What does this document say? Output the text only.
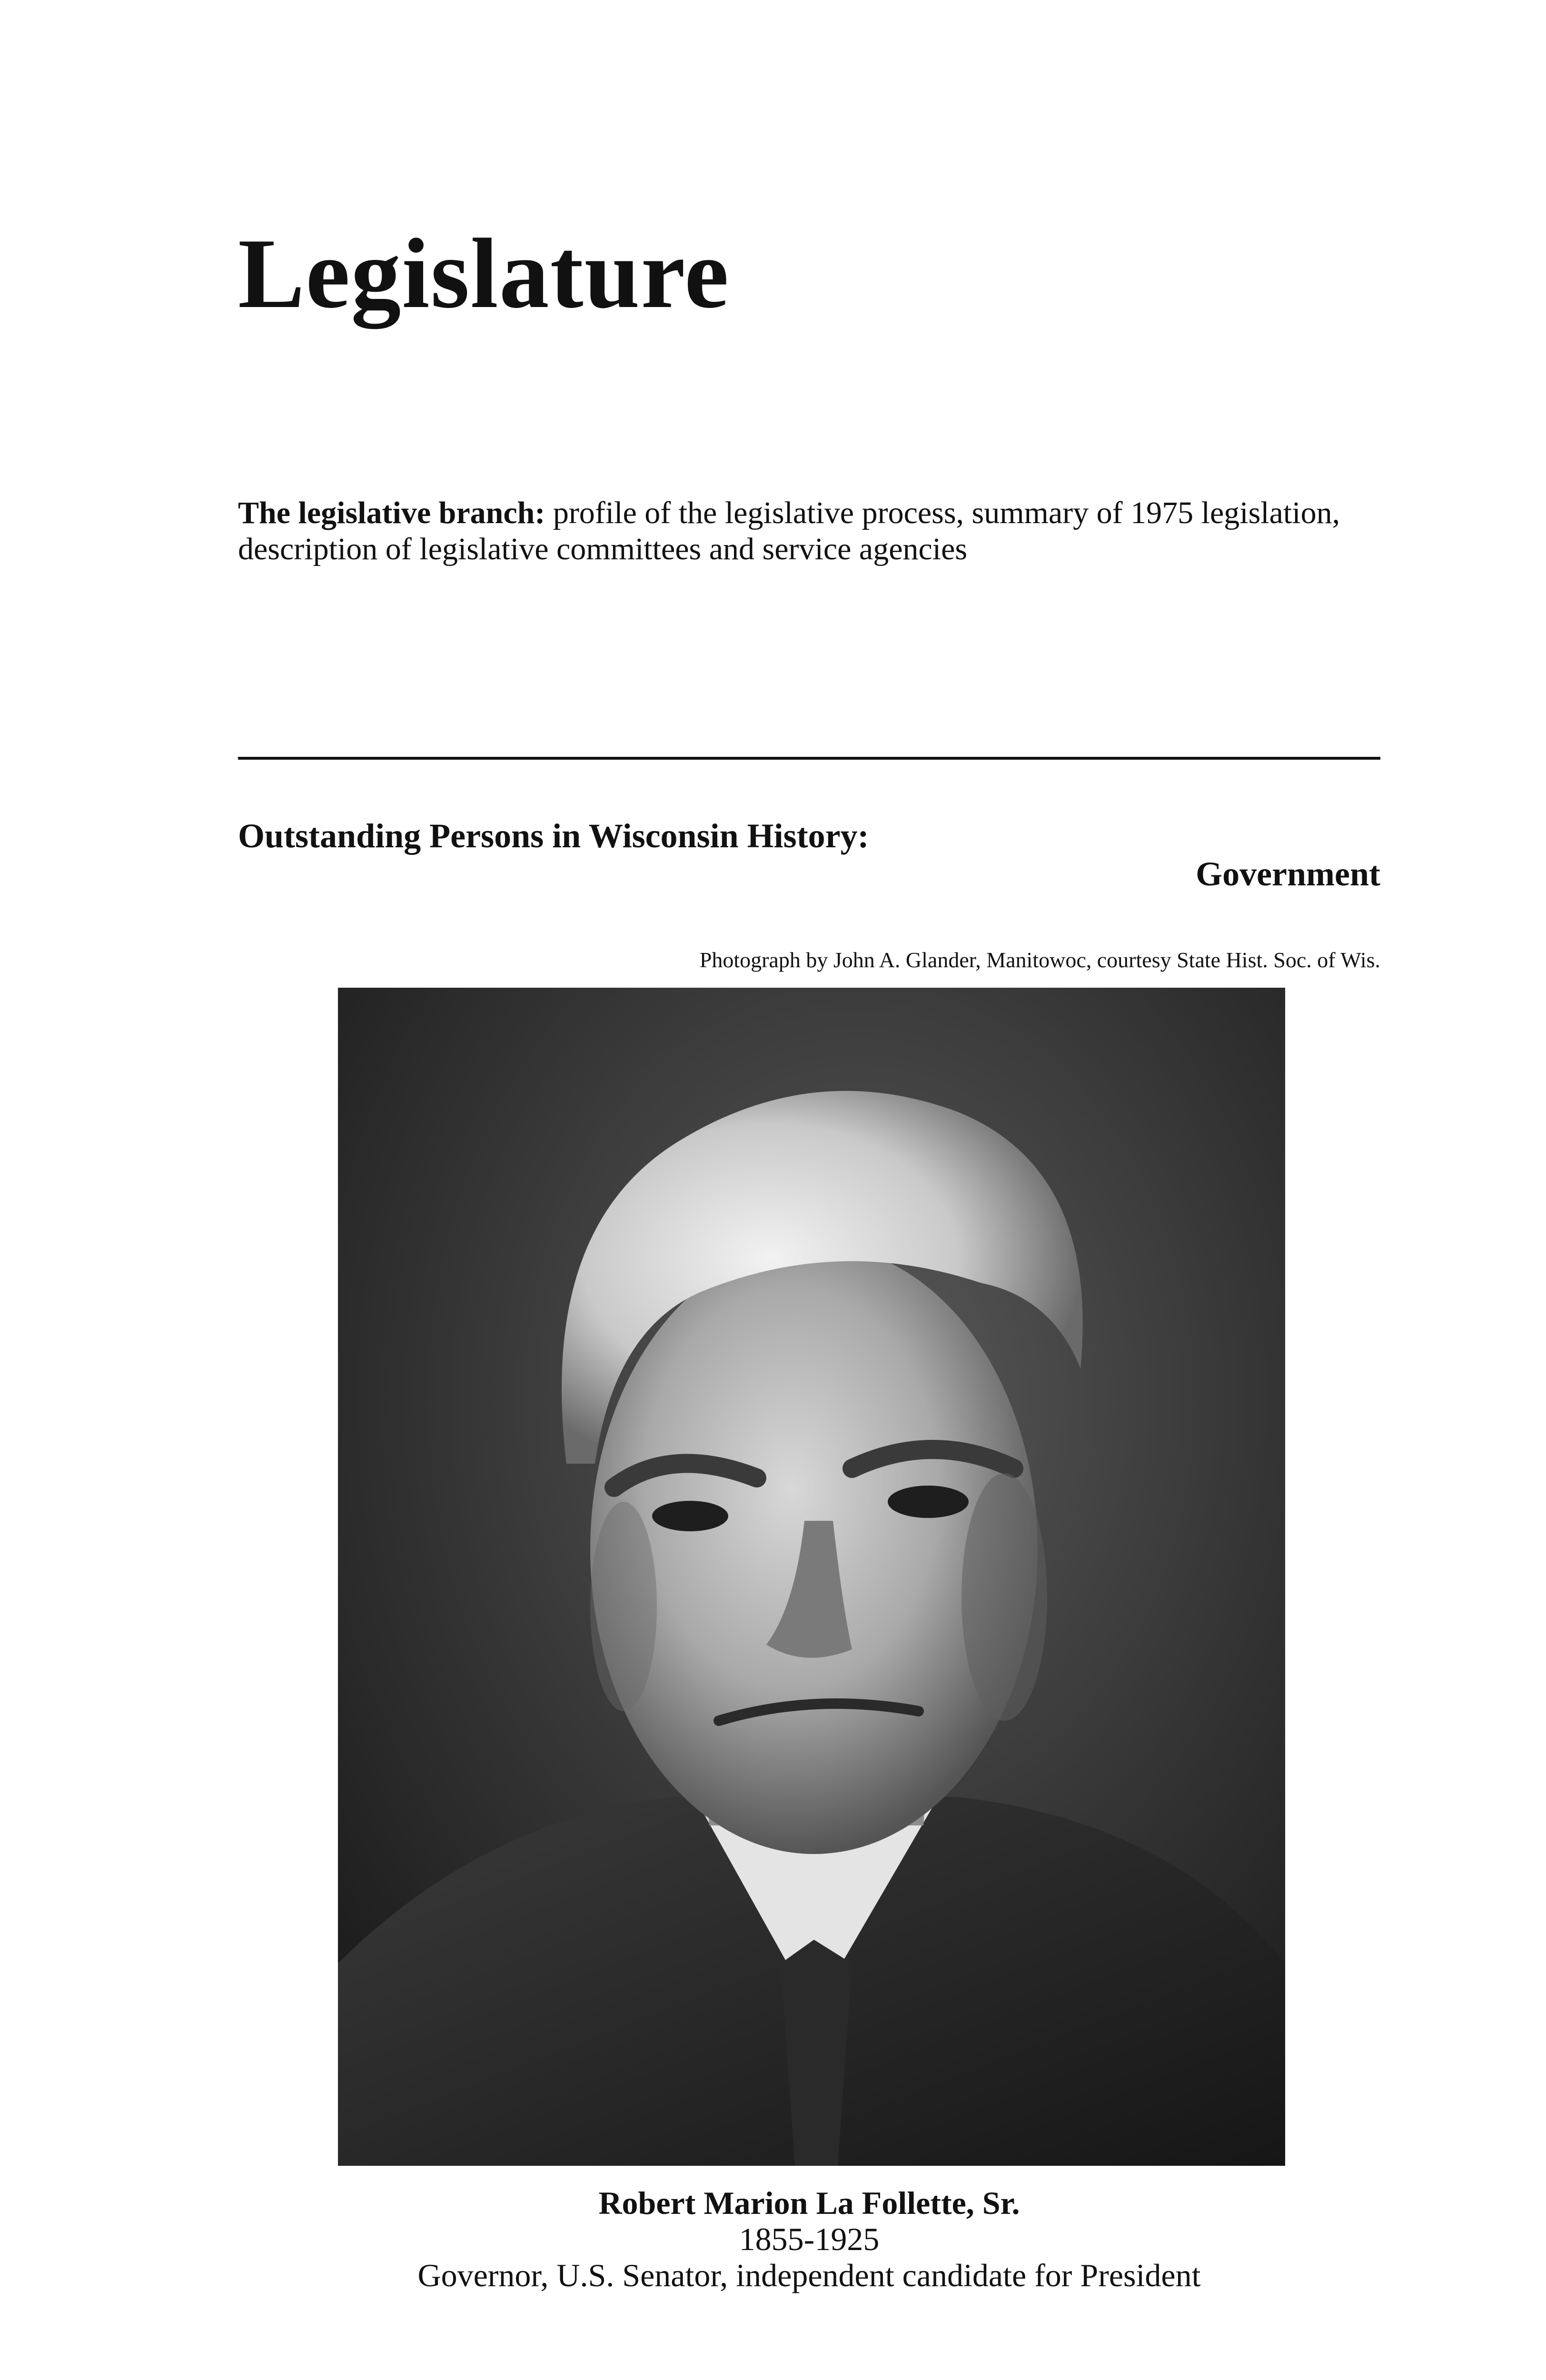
Legislature
The legislative branch: profile of the legislative process, summary of 1975 legislation, description of legislative committees and service agencies
Outstanding Persons in Wisconsin History:
Government
Photograph by John A. Glander, Manitowoc, courtesy State Hist. Soc. of Wis.
Robert Marion La Follette, Sr.
1855-1925
Governor, U.S. Senator, independent candidate for President
